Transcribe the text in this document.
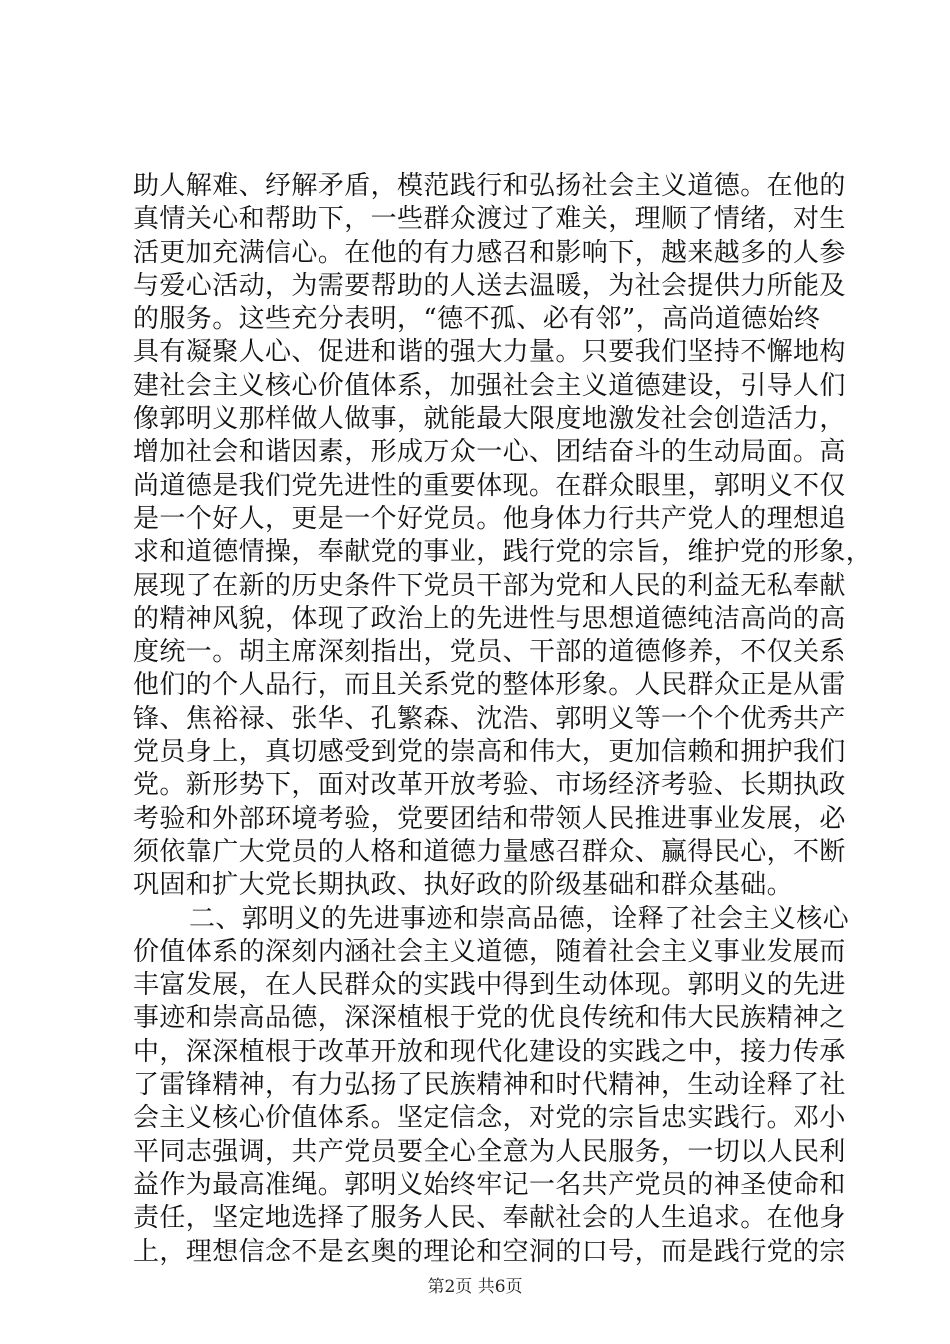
助人解难、纾解矛盾，模范践行和弘扬社会主义道德。在他的
真情关心和帮助下，一些群众渡过了难关，理顺了情绪，对生
活更加充满信心。在他的有力感召和影响下，越来越多的人参
与爱心活动，为需要帮助的人送去温暖，为社会提供力所能及
的服务。这些充分表明，“德不孤、必有邻”，高尚道德始终
具有凝聚人心、促进和谐的强大力量。只要我们坚持不懈地构
建社会主义核心价值体系，加强社会主义道德建设，引导人们
像郭明义那样做人做事，就能最大限度地激发社会创造活力，
增加社会和谐因素，形成万众一心、团结奋斗的生动局面。高
尚道德是我们党先进性的重要体现。在群众眼里，郭明义不仅
是一个好人，更是一个好党员。他身体力行共产党人的理想追
求和道德情操，奉献党的事业，践行党的宗旨，维护党的形象，
展现了在新的历史条件下党员干部为党和人民的利益无私奉献
的精神风貌，体现了政治上的先进性与思想道德纯洁高尚的高
度统一。胡主席深刻指出，党员、干部的道德修养，不仅关系
他们的个人品行，而且关系党的整体形象。人民群众正是从雷
锋、焦裕禄、张华、孔繁森、沈浩、郭明义等一个个优秀共产
党员身上，真切感受到党的崇高和伟大，更加信赖和拥护我们
党。新形势下，面对改革开放考验、市场经济考验、长期执政
考验和外部环境考验，党要团结和带领人民推进事业发展，必
须依靠广大党员的人格和道德力量感召群众、赢得民心，不断
巩固和扩大党长期执政、执好政的阶级基础和群众基础。
二、郭明义的先进事迹和崇高品德，诠释了社会主义核心
价值体系的深刻内涵社会主义道德，随着社会主义事业发展而
丰富发展，在人民群众的实践中得到生动体现。郭明义的先进
事迹和崇高品德，深深植根于党的优良传统和伟大民族精神之
中，深深植根于改革开放和现代化建设的实践之中，接力传承
了雷锋精神，有力弘扬了民族精神和时代精神，生动诠释了社
会主义核心价值体系。坚定信念，对党的宗旨忠实践行。邓小
平同志强调，共产党员要全心全意为人民服务，一切以人民利
益作为最高准绳。郭明义始终牢记一名共产党员的神圣使命和
责任，坚定地选择了服务人民、奉献社会的人生追求。在他身
上，理想信念不是玄奥的理论和空洞的口号，而是践行党的宗
第2页 共6页
